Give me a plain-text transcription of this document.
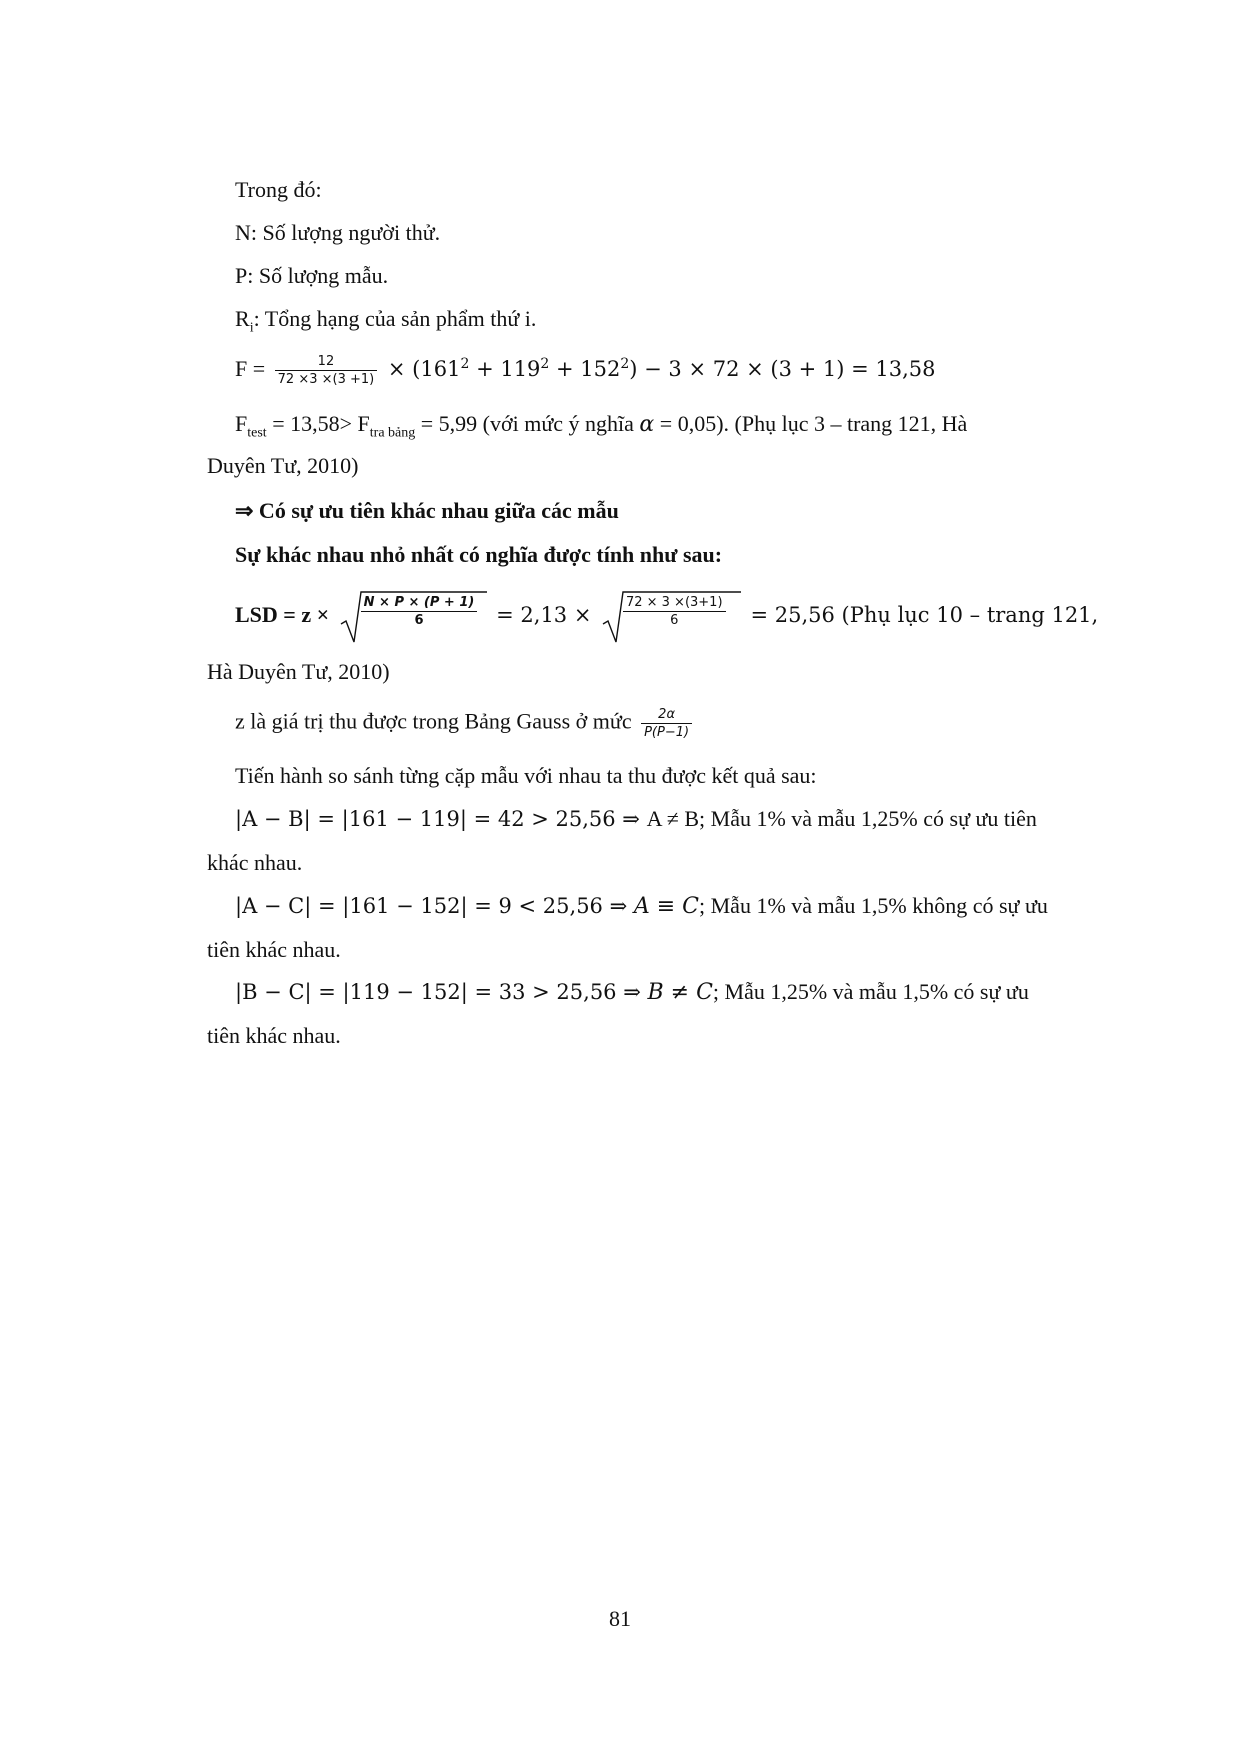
Trong đó:
N: Số lượng người thử.
P: Số lượng mẫu.
$R_i$: Tổng hạng của sản phẩm thứ i.
$F = \frac{12}{72 \times 3 \times(3 +1)} \times (161^2 + 119^2 + 152^2) - 3 \times 72 \times (3 + 1) = 13,58$
$F_{test} = 13,58> F_{tra bảng} = 5,99$ (với mức ý nghĩa α = 0,05). (Phụ lục 3 – trang 121, Hà
Duyên Tư, 2010)
⇒ Có sự ưu tiên khác nhau giữa các mẫu
Sự khác nhau nhỏ nhất có nghĩa được tính như sau:
LSD = $z \times \frac{N \times P \times (P + 1)}{6} = 2,13 \times \frac{72 \times 3 \times(3+1)}{6} = 25,56$ (Phụ lục 10 – trang 121,
Hà Duyên Tư, 2010)
z là giá trị thu được trong Bảng Gauss ở mức $\frac{2\alpha}{P(P-1)}$
Tiến hành so sánh từng cặp mẫu với nhau ta thu được kết quả sau:
|A − B| = |161 − 119| = 42 > 25,56 ⇒ A ≠ B; Mẫu 1% và mẫu 1,25% có sự ưu tiên
khác nhau.
|A − C| = |161 − 152| = 9 < 25,56 ⇒ A ≡ C; Mẫu 1% và mẫu 1,5% không có sự ưu
tiên khác nhau.
|B − C| = |119 − 152| = 33 > 25,56 ⇒ B ≠ C; Mẫu 1,25% và mẫu 1,5% có sự ưu
tiên khác nhau.
81
